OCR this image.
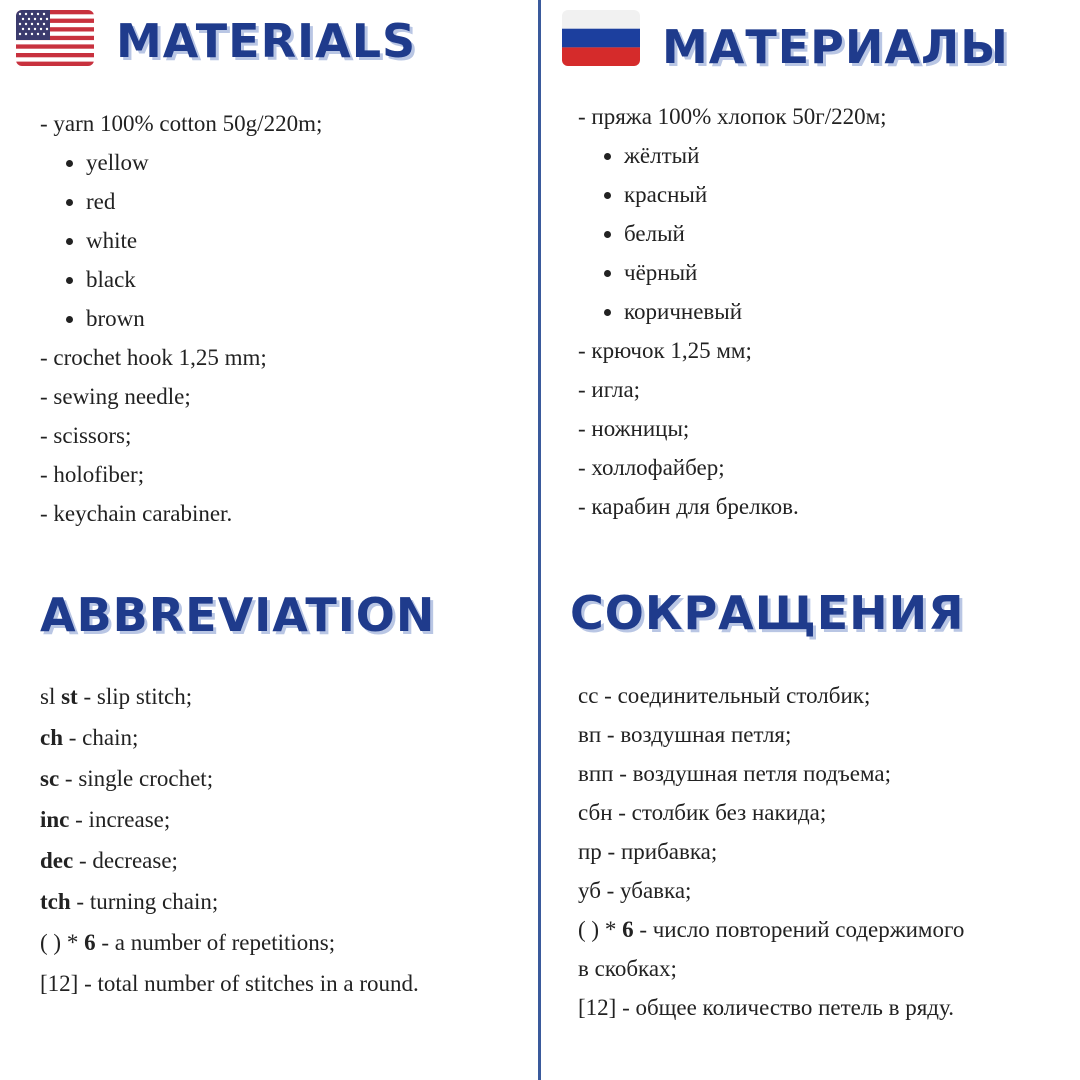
MATERIALS	МАТЕРИАЛЫ
- yarn 100% cotton 50g/220m;
yellow
red
white
black
brown
- crochet hook 1,25 mm;
- sewing needle;
- scissors;
- holofiber;
- keychain carabiner.
- пряжа 100% хлопок 50г/220м;
жёлтый
красный
белый
чёрный
коричневый
- крючок 1,25 мм;
- игла;
- ножницы;
- холлофайбер;
- карабин для брелков.
ABBREVIATION	СОКРАЩЕНИЯ
sl st - slip stitch;
ch - chain;
sc - single crochet;
inc - increase;
dec - decrease;
tch - turning chain;
( ) * 6 - a number of repetitions;
[12] - total number of stitches in a round.
сс - соединительный столбик;
вп - воздушная петля;
впп - воздушная петля подъема;
сбн - столбик без накида;
пр - прибавка;
уб - убавка;
( ) * 6 - число повторений содержимого
в скобках;
[12] - общее количество петель в ряду.
